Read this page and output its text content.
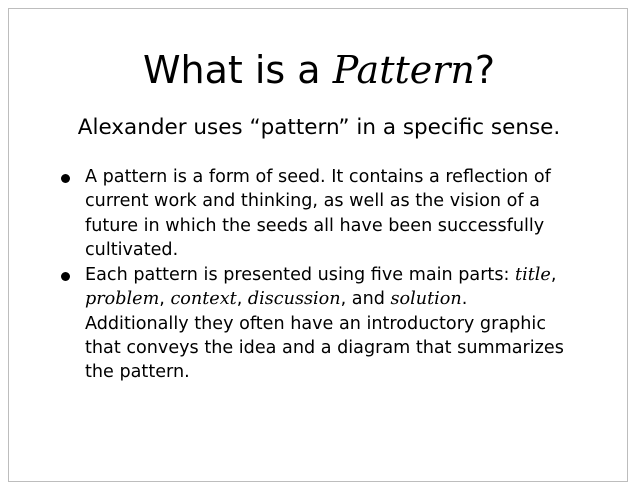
What is a Pattern?
Alexander uses “pattern” in a specific sense.
A pattern is a form of seed. It contains a reflection of current work and thinking, as well as the vision of a future in which the seeds all have been successfully cultivated.
Each pattern is presented using five main parts: title, problem, context, discussion, and solution. Additionally they often have an introductory graphic that conveys the idea and a diagram that summarizes the pattern.
